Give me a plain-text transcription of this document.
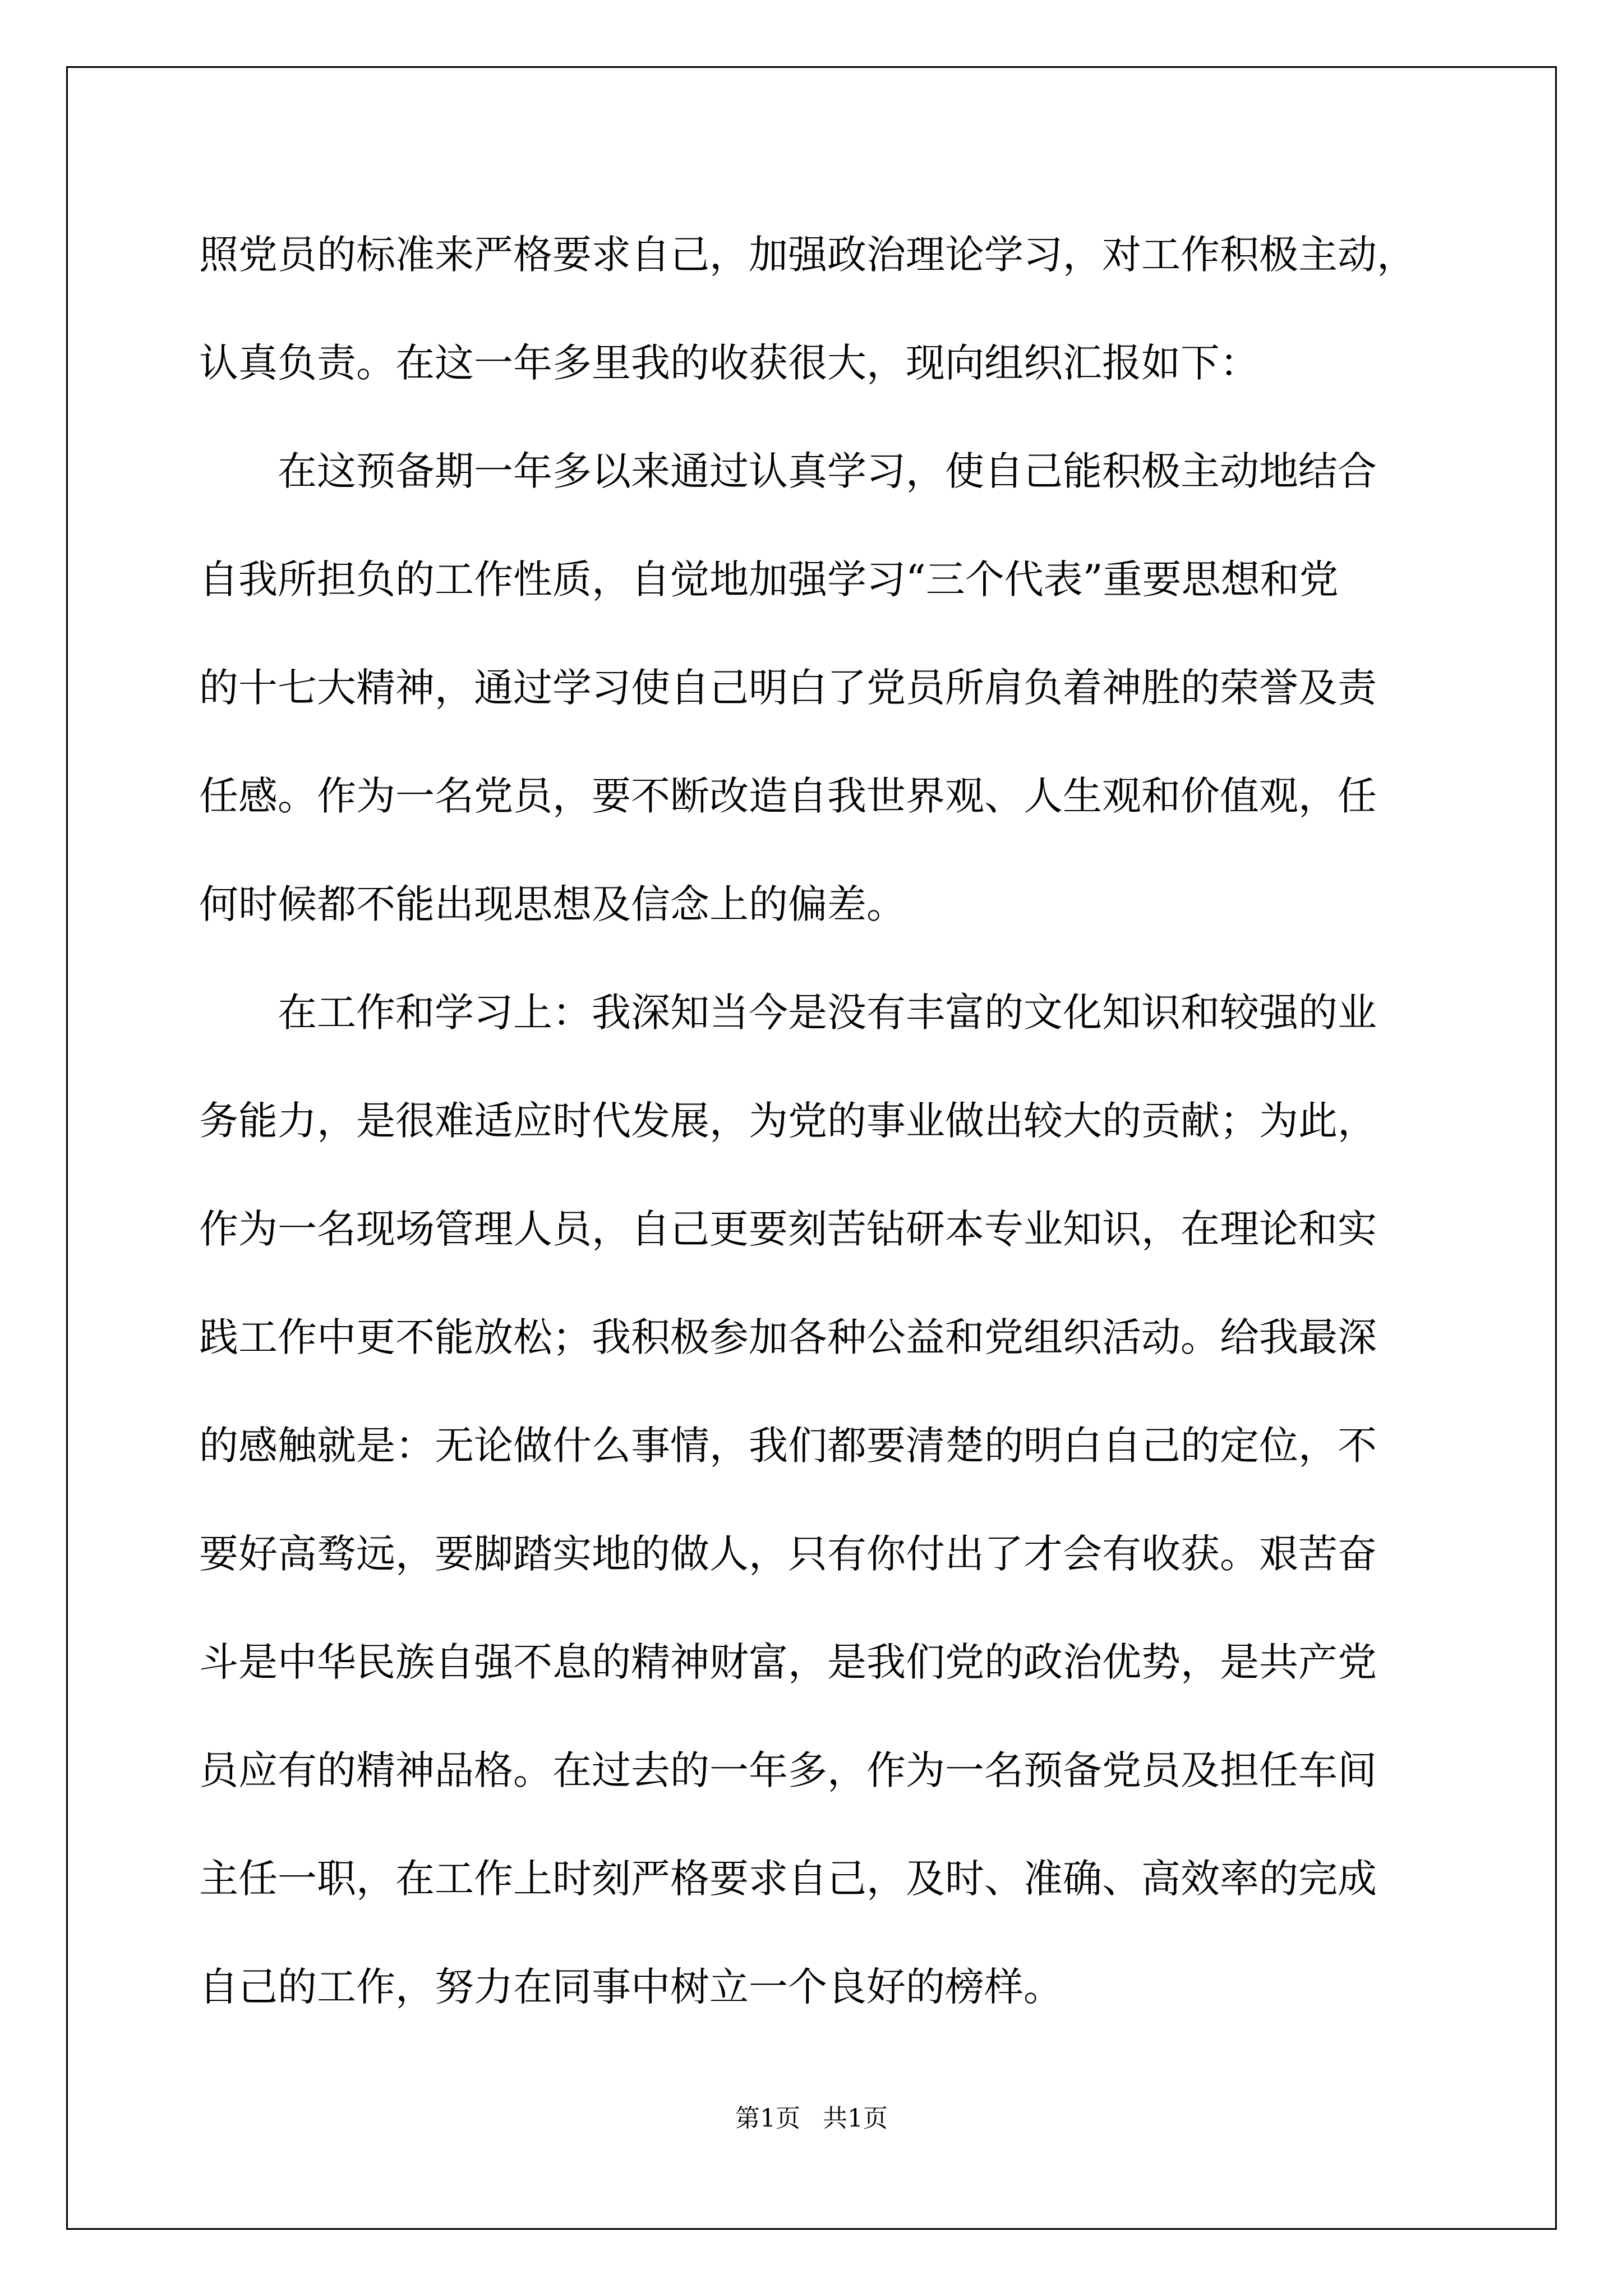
照党员的标准来严格要求自己，加强政治理论学习，对工作积极主动，
认真负责。在这一年多里我的收获很大，现向组织汇报如下：
　　在这预备期一年多以来通过认真学习，使自己能积极主动地结合
自我所担负的工作性质，自觉地加强学习“三个代表”重要思想和党
的十七大精神，通过学习使自己明白了党员所肩负着神胜的荣誉及责
任感。作为一名党员，要不断改造自我世界观、人生观和价值观，任
何时候都不能出现思想及信念上的偏差。
　　在工作和学习上：我深知当今是没有丰富的文化知识和较强的业
务能力，是很难适应时代发展，为党的事业做出较大的贡献；为此，
作为一名现场管理人员，自己更要刻苦钻研本专业知识，在理论和实
践工作中更不能放松；我积极参加各种公益和党组织活动。给我最深
的感触就是：无论做什么事情，我们都要清楚的明白自己的定位，不
要好高骛远，要脚踏实地的做人，只有你付出了才会有收获。艰苦奋
斗是中华民族自强不息的精神财富，是我们党的政治优势，是共产党
员应有的精神品格。在过去的一年多，作为一名预备党员及担任车间
主任一职，在工作上时刻严格要求自己，及时、准确、高效率的完成
自己的工作，努力在同事中树立一个良好的榜样。
第1页 共1页
